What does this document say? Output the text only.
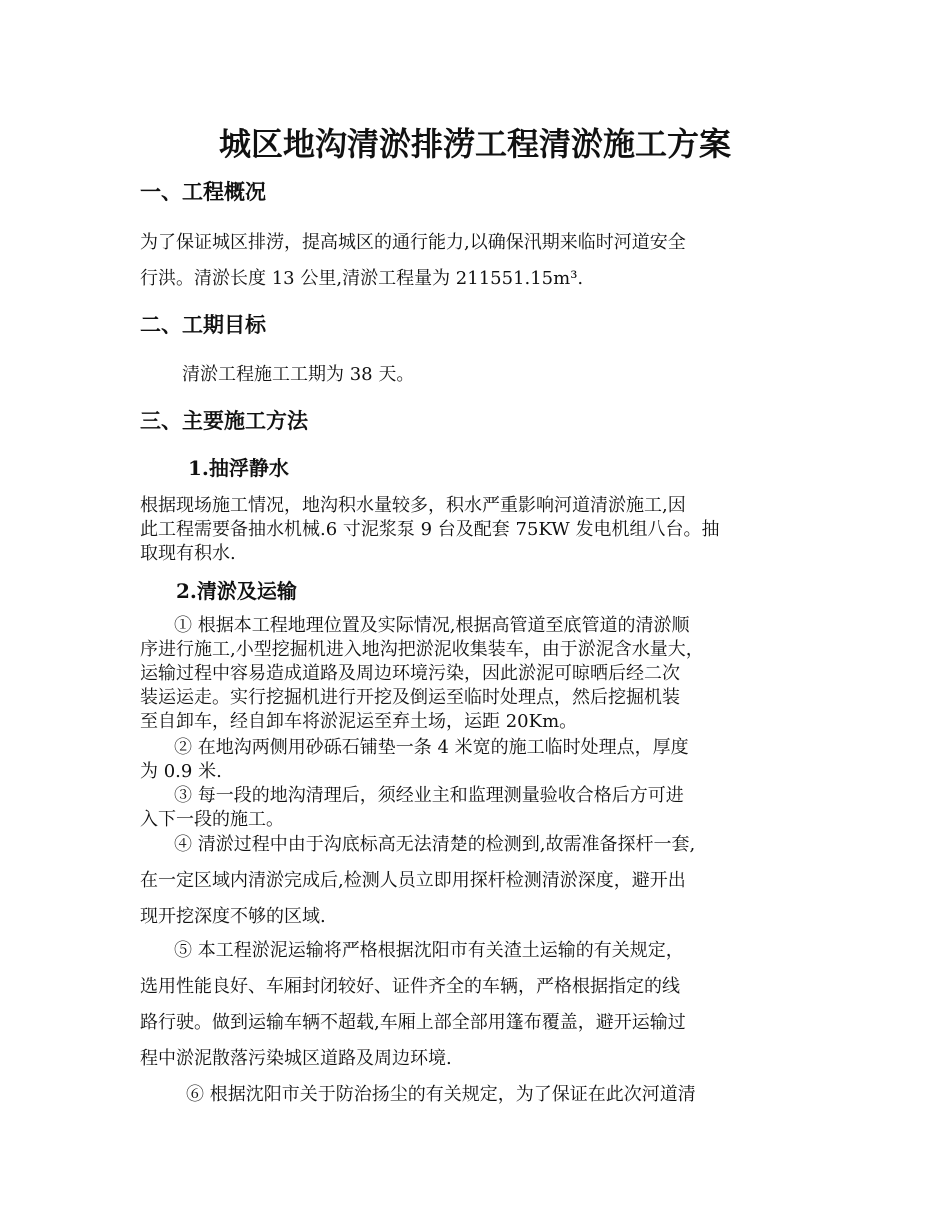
城区地沟清淤排涝工程清淤施工方案
一、工程概况
为了保证城区排涝，提高城区的通行能力,以确保汛期来临时河道安全
行洪。清淤长度 13 公里,清淤工程量为 211551.15m³.
二、工期目标
清淤工程施工工期为 38 天。
三、主要施工方法
1.抽浮静水
根据现场施工情况，地沟积水量较多，积水严重影响河道清淤施工,因
此工程需要备抽水机械.6 寸泥浆泵 9 台及配套 75KW 发电机组八台。抽
取现有积水.
2.清淤及运输
① 根据本工程地理位置及实际情况,根据高管道至底管道的清淤顺
序进行施工,小型挖掘机进入地沟把淤泥收集装车，由于淤泥含水量大，
运输过程中容易造成道路及周边环境污染，因此淤泥可晾晒后经二次
装运运走。实行挖掘机进行开挖及倒运至临时处理点，然后挖掘机装
至自卸车，经自卸车将淤泥运至弃土场，运距 20Km。
② 在地沟两侧用砂砾石铺垫一条 4 米宽的施工临时处理点，厚度
为 0.9 米.
③ 每一段的地沟清理后，须经业主和监理测量验收合格后方可进
入下一段的施工。
④ 清淤过程中由于沟底标高无法清楚的检测到,故需准备探杆一套,
在一定区域内清淤完成后,检测人员立即用探杆检测清淤深度，避开出
现开挖深度不够的区域.
⑤ 本工程淤泥运输将严格根据沈阳市有关渣土运输的有关规定，
选用性能良好、车厢封闭较好、证件齐全的车辆，严格根据指定的线
路行驶。做到运输车辆不超载,车厢上部全部用篷布覆盖，避开运输过
程中淤泥散落污染城区道路及周边环境.
⑥ 根据沈阳市关于防治扬尘的有关规定，为了保证在此次河道清
